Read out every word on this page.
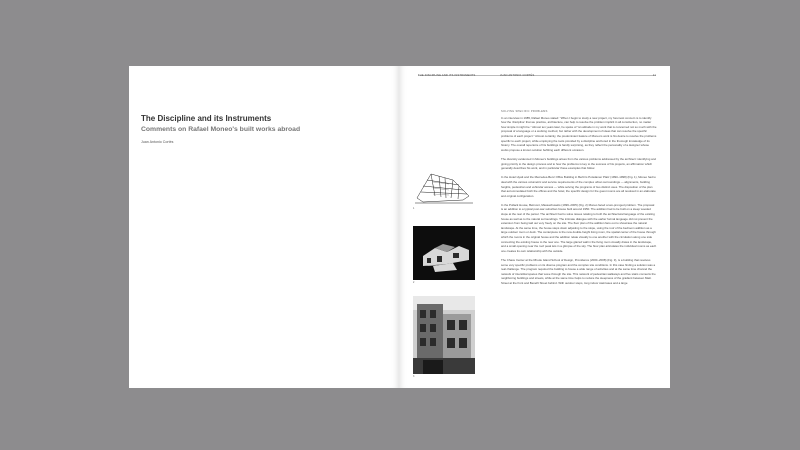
The Discipline and its Instruments
Comments on Rafael Moneo's built works abroad
Juan Antonio Cortés
THE DISCIPLINE AND ITS INSTRUMENTS	JUAN ANTONIO CORTÉS	11
1
2
3
SOLVING SPECIFIC PROBLEMS

In an interview in 1985, Rafael Moneo stated: "When I begin to study a new project, my foremost concern is to identify how the 'discipline' that we practice, architecture, can help to resolve the problem implicit in all construction, no matter how simple it might be." Almost ten years later, he spoke of "an attitude in my work that is concerned not so much with the proposal of a language or a working method, but rather with the development of ideas that can resolve the specific problems of each project." Almost certainly, the predominant feature of Moneo's work is his desire to resolve the problems specific to each project, while employing the tools provided by a discipline anchored in the thorough knowledge of its history. The overall repertoire of his buildings is hardly surprising, as they reflect the personality of a designer whose works propose a known solution befitting each different occasion.

The diversity evidenced in Moneo's buildings arises from the various problems addressed by the architect: identifying and giving priority to the design process and to how the problems is key to the success of his projects, an affirmation which generally describes his work, and in particular these examples that follow.

In the Hotel Hyatt and the Mercedes-Benz Office Building in Berlin's Potsdamer Platz (1993–1998) (Fig. 1), Moneo had to deal with the various volumetric and service requirements of the complex urban surroundings — alignments, building heights, pedestrian and vehicular access — while solving the programs of two distinct uses. The disposition of the plan that accommodated both the offices and the hotel, the specific design for the guest rooms are all resolved in an elaborate and original configuration.

In the Pollack House, Belmont, Massachusetts (1996–2005) (Fig. 2) Moneo faced a two-pronged problem. The proposal is an addition to a typical post-war suburban house built around 1950. The addition had to be built on a steep wooded slope at the rear of the parcel. The architect had to solve issues relating to both the architectural language of the existing house as well as to the natural surroundings. The intimate dialogue with the earlier formal language did not prevent the extension from being laid out very freely on the site. The floor plan of the addition fans out to showcase the natural landscape. At the same time, the house steps down adjusting to the slope, using the roof of the bedroom addition as a large outdoor room or deck. The centerpiece is the new double-height living room, the spatial center of the house through which the rooms in the original house and the addition relate visually to one another with the circulation along one side connecting the existing house to the new one. The large glazed wall in the living room visually draws in the landscape, and a small opening near the roof peak lets in a glimpse of the sky. The floor plan articulates the individual rooms as each one creates its own relationship with the outside.

The Chace Center at the Rhode Island School of Design, Providence (2000–2008) (Fig. 3), is a building that resolves some very specific problems on its diverse program and the complex site conditions. In this case finding a solution was a real challenge. The program required the building to house a wide range of activities and at the same time channel the network of interstitial spaces that wove through the site. This network of pedestrian walkways and five stairs connects the neighboring buildings and streets, while at the same time helps to reduce the steepness of the gradient between Main Street at the front and Benefit Street behind. With outdoor steps, long indoor staircases and a large
